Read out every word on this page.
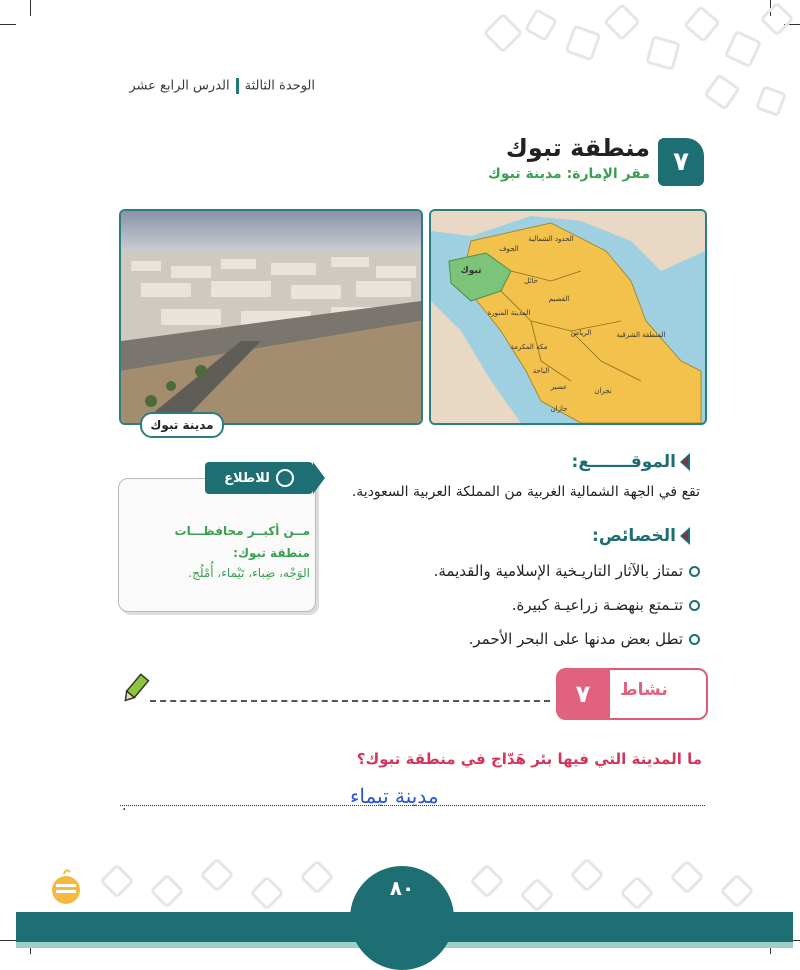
الوحدة الثالثةالدرس الرابع عشر
٧
منطقة تبوك
مقر الإمارة: مدينة تبوك
تبوك
الجوف
الحدود الشمالية
حائل
القصيم
المدينة المنورة
مكة المكرمة
الرياض	المنطقة الشرقية
الباحة
عسير	نجران
جازان
مدينة تبوك
الموقـــــــع:
تقع في الجهة الشمالية الغربية من المملكة العربية السعودية.
الخصائص:
تمتاز بالآثار التاريـخية الإسلامية والقديمة.
تتـمتع بنهضـة زراعيـة كبيرة.
تطل بعض مدنها على البحر الأحمر.
للاطلاع
مــن أكبــر محافظـــات منطقة تبوك:
الوَجْه، ضِباء، تَيْماء، أُمْلُج.
٧	نشاط
ما المدينة التي فيها بئر هَدّاج في منطقة تبوك؟
مدينة تيماء
.
٨٠
